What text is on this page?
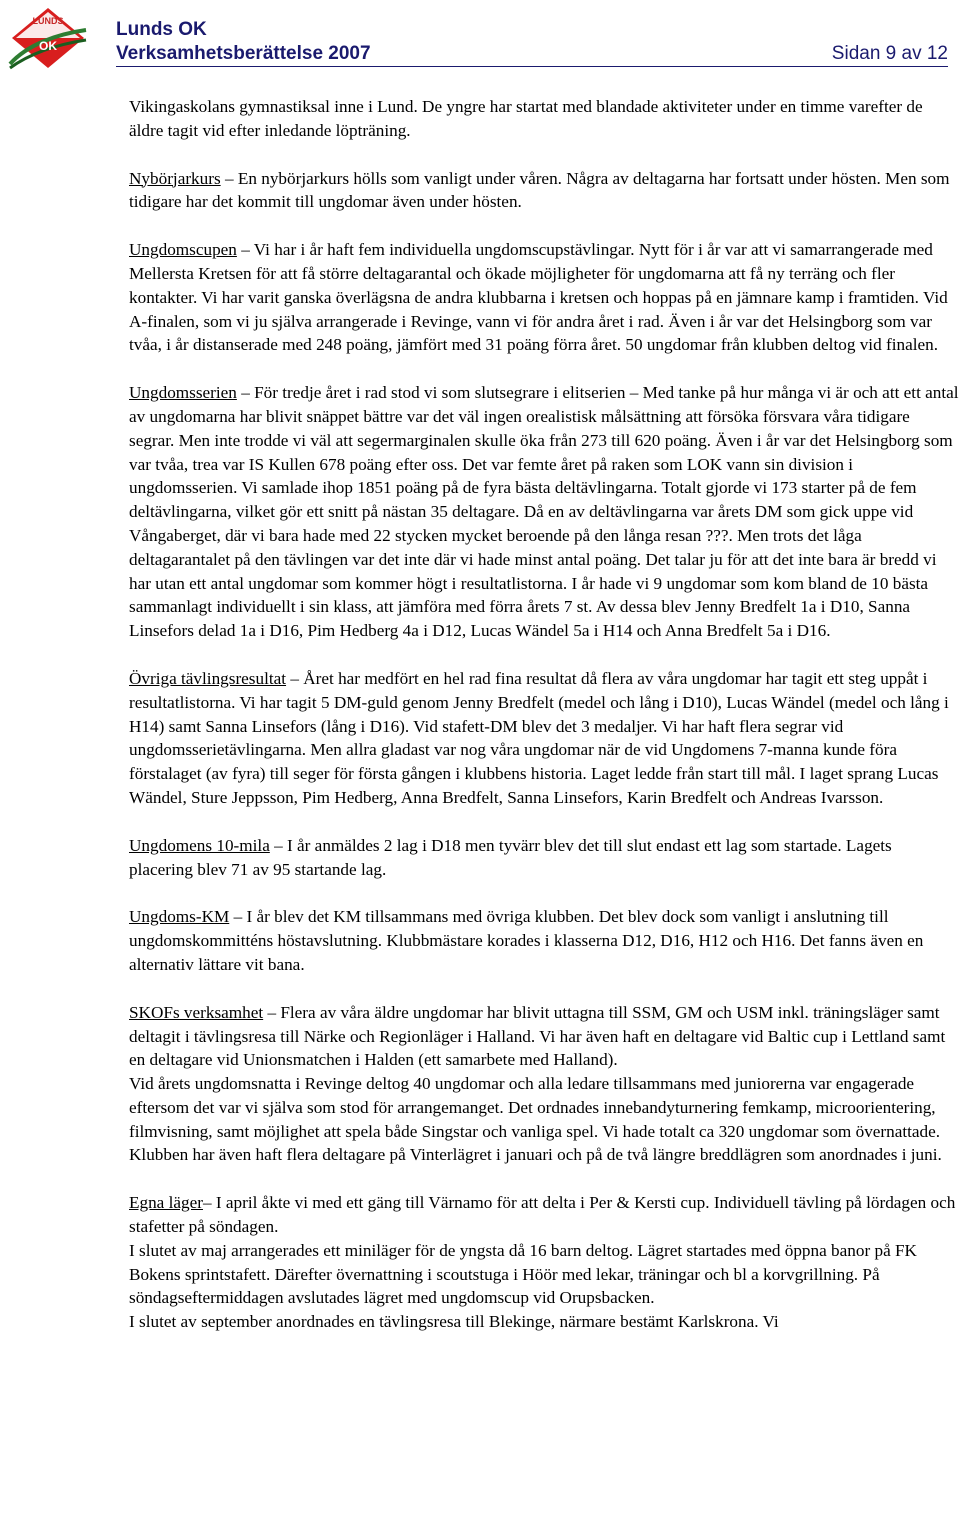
LUNDS
OK
Lunds OK
Verksamhetsberättelse 2007	Sidan 9 av 12

Vikingaskolans gymnastiksal inne i Lund. De yngre har startat med blandade aktiviteter under en timme varefter de äldre tagit vid efter inledande löpträning.

Nybörjarkurs – En nybörjarkurs hölls som vanligt under våren. Några av deltagarna har fortsatt under hösten. Men som tidigare har det kommit till ungdomar även under hösten.

Ungdomscupen – Vi har i år haft fem individuella ungdomscupstävlingar. Nytt för i år var att vi samarrangerade med Mellersta Kretsen för att få större deltagarantal och ökade möjligheter för ungdomarna att få ny terräng och fler kontakter. Vi har varit ganska överlägsna de andra klubbarna i kretsen och hoppas på en jämnare kamp i framtiden. Vid A-finalen, som vi ju själva arrangerade i Revinge, vann vi för andra året i rad. Även i år var det Helsingborg som var tvåa, i år distanserade med 248 poäng, jämfört med 31 poäng förra året. 50 ungdomar från klubben deltog vid finalen.

Ungdomsserien – För tredje året i rad stod vi som slutsegrare i elitserien – Med tanke på hur många vi är och att ett antal av ungdomarna har blivit snäppet bättre var det väl ingen orealistisk målsättning att försöka försvara våra tidigare segrar. Men inte trodde vi väl att segermarginalen skulle öka från 273 till 620 poäng. Även i år var det Helsingborg som var tvåa, trea var IS Kullen 678 poäng efter oss. Det var femte året på raken som LOK vann sin division i ungdomsserien. Vi samlade ihop 1851 poäng på de fyra bästa deltävlingarna. Totalt gjorde vi 173 starter på de fem deltävlingarna, vilket gör ett snitt på nästan 35 deltagare. Då en av deltävlingarna var årets DM som gick uppe vid Vångaberget, där vi bara hade med 22 stycken mycket beroende på den långa resan ???. Men trots det låga deltagarantalet på den tävlingen var det inte där vi hade minst antal poäng. Det talar ju för att det inte bara är bredd vi har utan ett antal ungdomar som kommer högt i resultatlistorna. I år hade vi 9 ungdomar som kom bland de 10 bästa sammanlagt individuellt i sin klass, att jämföra med förra årets 7 st. Av dessa blev Jenny Bredfelt 1a i D10, Sanna Linsefors delad 1a i D16, Pim Hedberg 4a i D12, Lucas Wändel 5a i H14 och Anna Bredfelt 5a i D16.

Övriga tävlingsresultat – Året har medfört en hel rad fina resultat då flera av våra ungdomar har tagit ett steg uppåt i resultatlistorna. Vi har tagit 5 DM-guld genom Jenny Bredfelt (medel och lång i D10), Lucas Wändel (medel och lång i H14) samt Sanna Linsefors (lång i D16). Vid stafett-DM blev det 3 medaljer. Vi har haft flera segrar vid ungdomsserietävlingarna. Men allra gladast var nog våra ungdomar när de vid Ungdomens 7-manna kunde föra förstalaget (av fyra) till seger för första gången i klubbens historia. Laget ledde från start till mål. I laget sprang Lucas Wändel, Sture Jeppsson, Pim Hedberg, Anna Bredfelt, Sanna Linsefors, Karin Bredfelt och Andreas Ivarsson.

Ungdomens 10-mila – I år anmäldes 2 lag i D18 men tyvärr blev det till slut endast ett lag som startade. Lagets placering blev 71 av 95 startande lag.

Ungdoms-KM – I år blev det KM tillsammans med övriga klubben. Det blev dock som vanligt i anslutning till ungdomskommitténs höstavslutning. Klubbmästare korades i klasserna D12, D16, H12 och H16. Det fanns även en alternativ lättare vit bana.

SKOFs verksamhet – Flera av våra äldre ungdomar har blivit uttagna till SSM, GM och USM inkl. träningsläger samt deltagit i tävlingsresa till Närke och Regionläger i Halland. Vi har även haft en deltagare vid Baltic cup i Lettland samt en deltagare vid Unionsmatchen i Halden (ett samarbete med Halland).

Vid årets ungdomsnatta i Revinge deltog 40 ungdomar och alla ledare tillsammans med juniorerna var engagerade eftersom det var vi själva som stod för arrangemanget. Det ordnades innebandyturnering femkamp, microorientering, filmvisning, samt möjlighet att spela både Singstar och vanliga spel. Vi hade totalt ca 320 ungdomar som övernattade.

Klubben har även haft flera deltagare på Vinterlägret i januari och på de två längre breddlägren som anordnades i juni.

Egna läger– I april åkte vi med ett gäng till Värnamo för att delta i Per & Kersti cup. Individuell tävling på lördagen och stafetter på söndagen.

I slutet av maj arrangerades ett miniläger för de yngsta då 16 barn deltog. Lägret startades med öppna banor på FK Bokens sprintstafett. Därefter övernattning i scoutstuga i Höör med lekar, träningar och bl a korvgrillning. På söndagseftermiddagen avslutades lägret med ungdomscup vid Orupsbacken.

I slutet av september anordnades en tävlingsresa till Blekinge, närmare bestämt Karlskrona. Vi
